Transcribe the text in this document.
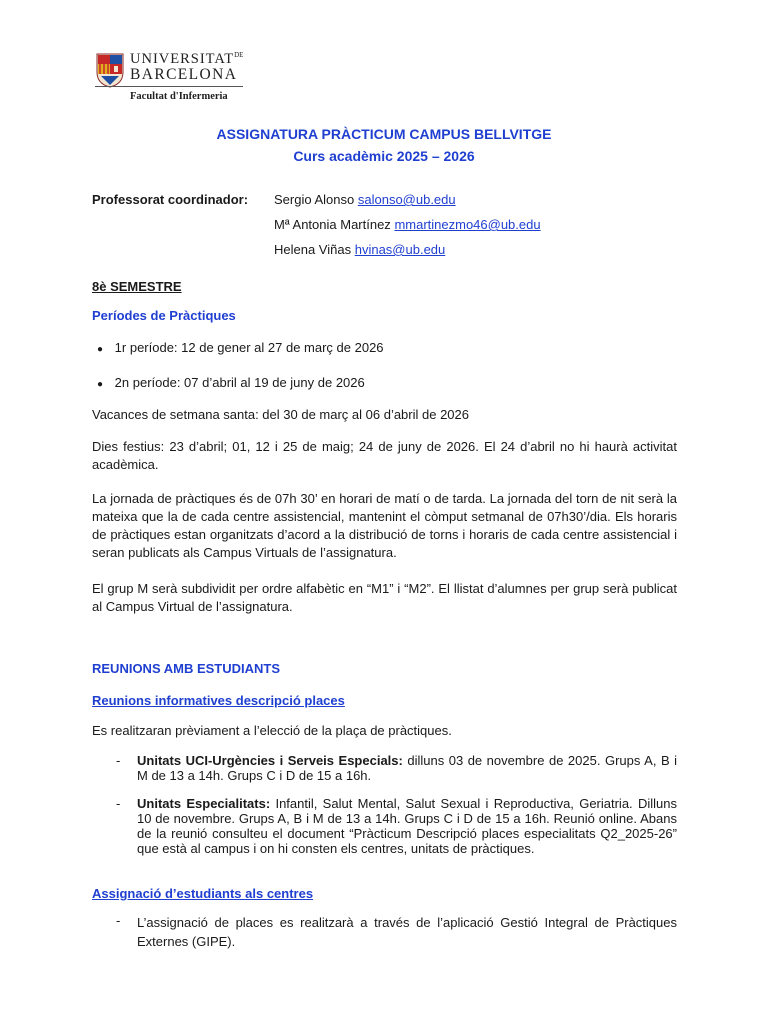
$UNIVERSITAT^{DE}$
BARCELONA
Facultat d'Infermeria
ASSIGNATURA PRÀCTICUM CAMPUS BELLVITGE
Curs acadèmic 2025 – 2026
Professorat coordinador: Sergio Alonso salonso@ub.edu
Mª Antonia Martínez mmartinezmo46@ub.edu
Helena Viñas hvinas@ub.edu
8è SEMESTRE
Períodes de Pràctiques
● 1r període: 12 de gener al 27 de març de 2026
● 2n període: 07 d’abril al 19 de juny de 2026
Vacances de setmana santa: del 30 de març al 06 d’abril de 2026
Dies festius: 23 d’abril; 01, 12 i 25 de maig; 24 de juny de 2026. El 24 d’abril no hi haurà activitat acadèmica.
La jornada de pràctiques és de 07h 30’ en horari de matí o de tarda. La jornada del torn de nit serà la mateixa que la de cada centre assistencial, mantenint el còmput setmanal de 07h30’/dia. Els horaris de pràctiques estan organitzats d’acord a la distribució de torns i horaris de cada centre assistencial i seran publicats als Campus Virtuals de l’assignatura.
El grup M serà subdividit per ordre alfabètic en “M1” i “M2”. El llistat d’alumnes per grup serà publicat al Campus Virtual de l’assignatura.
REUNIONS AMB ESTUDIANTS
Reunions informatives descripció places
Es realitzaran prèviament a l’elecció de la plaça de pràctiques.
- Unitats UCI-Urgències i Serveis Especials: dilluns 03 de novembre de 2025. Grups A, B i M de 13 a 14h. Grups C i D de 15 a 16h.
- Unitats Especialitats: Infantil, Salut Mental, Salut Sexual i Reproductiva, Geriatria. Dilluns 10 de novembre. Grups A, B i M de 13 a 14h. Grups C i D de 15 a 16h. Reunió online. Abans de la reunió consulteu el document “Pràcticum Descripció places especialitats Q2_2025-26” que està al campus i on hi consten els centres, unitats de pràctiques.
Assignació d’estudiants als centres
- L’assignació de places es realitzarà a través de l’aplicació Gestió Integral de Pràctiques Externes (GIPE).
